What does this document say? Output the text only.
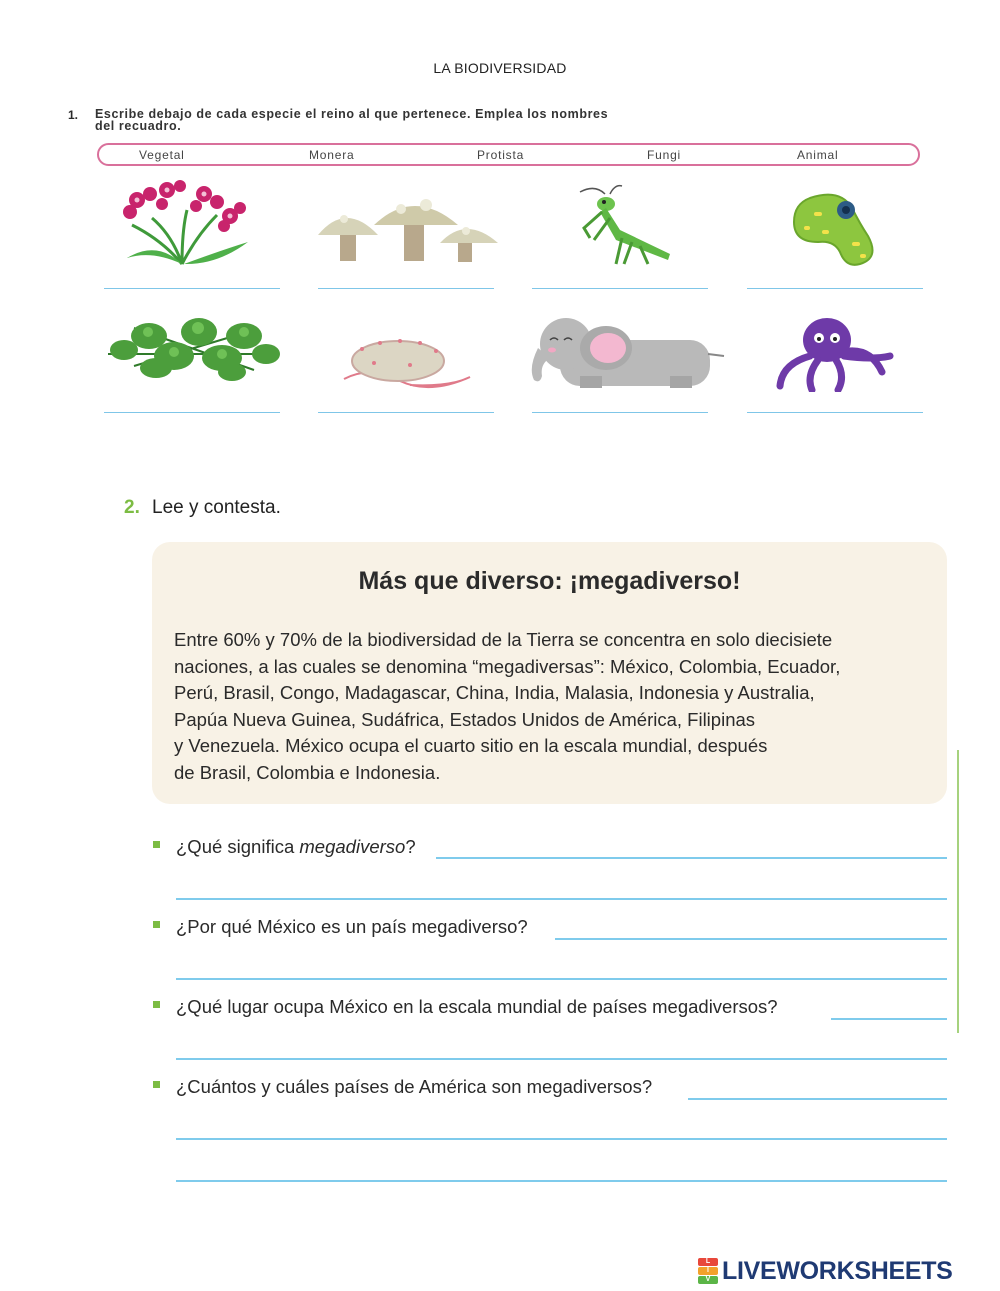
LA BIODIVERSIDAD
1. Escribe debajo de cada especie el reino al que pertenece. Emplea los nombres
del recuadro.
Vegetal	Monera	Protista	Fungi	Animal
2. Lee y contesta.
Más que diverso: ¡megadiverso!
Entre 60% y 70% de la biodiversidad de la Tierra se concentra en solo diecisiete
naciones, a las cuales se denomina “megadiversas”: México, Colombia, Ecuador,
Perú, Brasil, Congo, Madagascar, China, India, Malasia, Indonesia y Australia,
Papúa Nueva Guinea, Sudáfrica, Estados Unidos de América, Filipinas
y Venezuela. México ocupa el cuarto sitio en la escala mundial, después
de Brasil, Colombia e Indonesia.
¿Qué significa megadiverso?
¿Por qué México es un país megadiverso?
¿Qué lugar ocupa México en la escala mundial de países megadiversos?
¿Cuántos y cuáles países de América son megadiversos?
L
I
V LIVEWORKSHEETS
